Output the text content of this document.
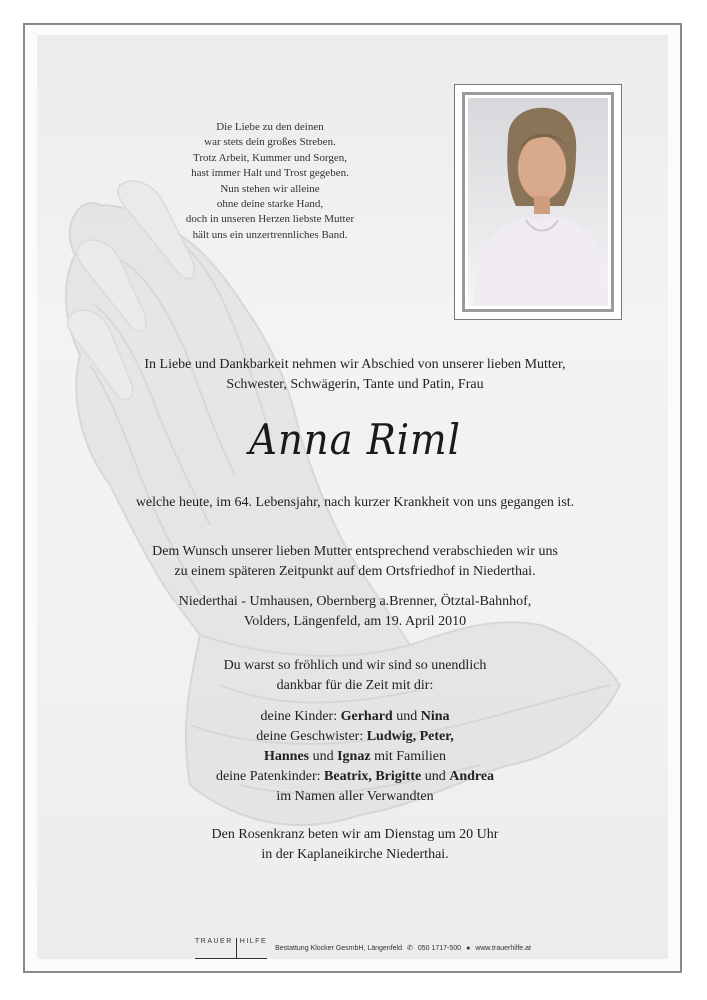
Die Liebe zu den deinen
war stets dein großes Streben.
Trotz Arbeit, Kummer und Sorgen,
hast immer Halt und Trost gegeben.
Nun stehen wir alleine
ohne deine starke Hand,
doch in unseren Herzen liebste Mutter
hält uns ein unzertrennliches Band.
In Liebe und Dankbarkeit nehmen wir Abschied von unserer lieben Mutter,
Schwester, Schwägerin, Tante und Patin, Frau
Anna Riml
welche heute, im 64. Lebensjahr, nach kurzer Krankheit von uns gegangen ist.
Dem Wunsch unserer lieben Mutter entsprechend verabschieden wir uns
zu einem späteren Zeitpunkt auf dem Ortsfriedhof in Niederthai.
Niederthai - Umhausen, Obernberg a.Brenner, Ötztal-Bahnhof,
Volders, Längenfeld, am 19. April 2010
Du warst so fröhlich und wir sind so unendlich
dankbar für die Zeit mit dir:
deine Kinder: Gerhard und Nina
deine Geschwister: Ludwig, Peter,
Hannes und Ignaz mit Familien
deine Patenkinder: Beatrix, Brigitte und Andrea
im Namen aller Verwandten
Den Rosenkranz beten wir am Dienstag um 20 Uhr
in der Kaplaneikirche Niederthai.
TRAUER HILFE
Bestattung Klocker GesmbH, Längenfeld ✆ 050 1717-500 ● www.trauerhilfe.at
